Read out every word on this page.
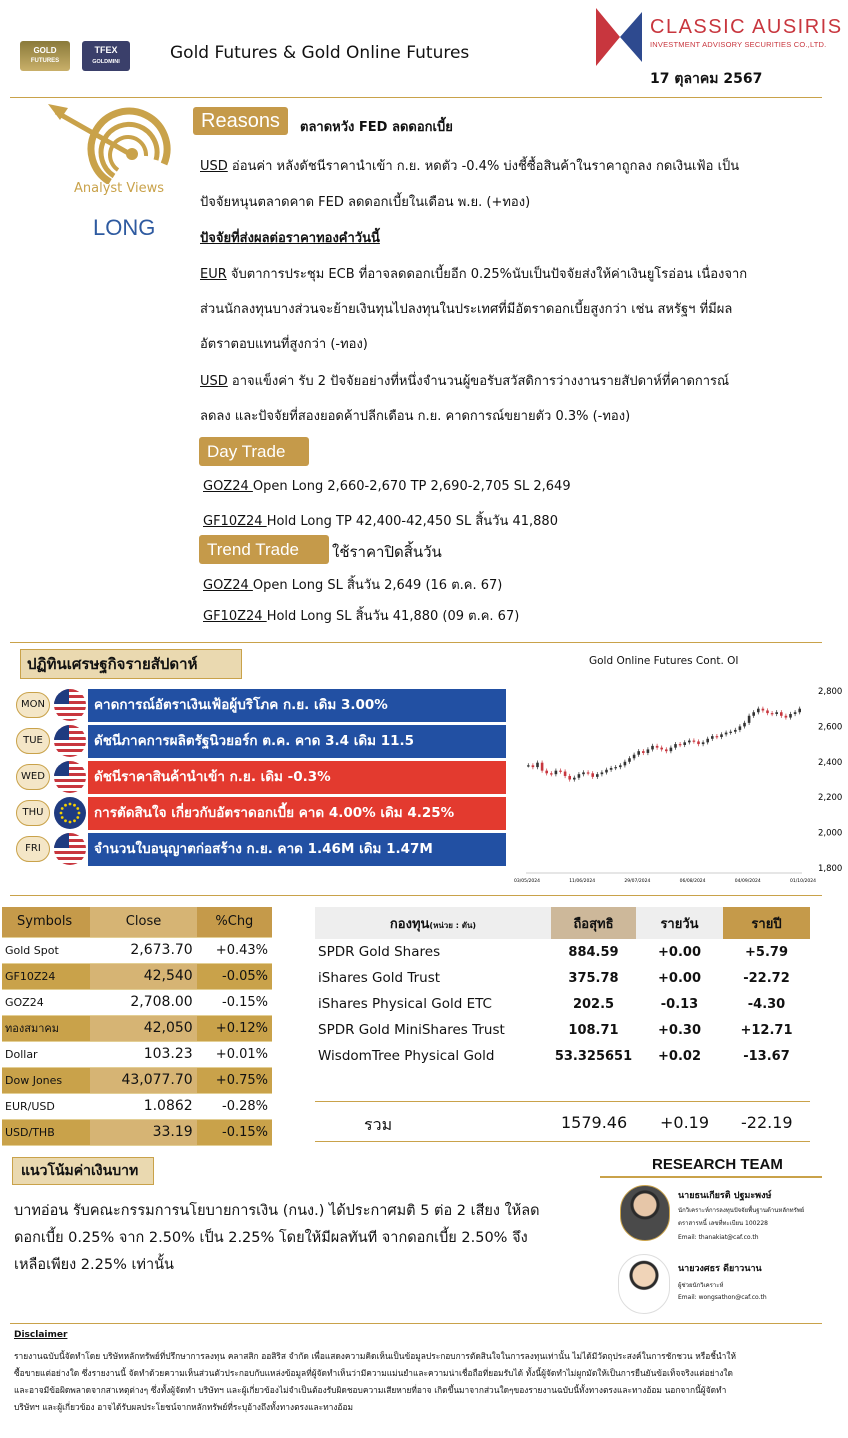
GOLD
FUTURES
TFEX
GOLDMINI	Gold Futures & Gold Online Futures
CLASSIC AUSIRIS
INVESTMENT ADVISORY SECURITIES CO.,LTD.
17 ตุลาคม 2567
Analyst Views
LONG
Reasons	ตลาดหวัง FED ลดดอกเบี้ย
USD อ่อนค่า หลังดัชนีราคานำเข้า ก.ย. หดตัว -0.4% บ่งชี้ซื้อสินค้าในราคาถูกลง กดเงินเฟ้อ เป็น
ปัจจัยหนุนตลาดคาด FED ลดดอกเบี้ยในเดือน พ.ย. (+ทอง)
ปัจจัยที่ส่งผลต่อราคาทองคำวันนี้
EUR จับตาการประชุม ECB ที่อาจลดดอกเบี้ยอีก 0.25%นับเป็นปัจจัยส่งให้ค่าเงินยูโรอ่อน เนื่องจาก
ส่วนนักลงทุนบางส่วนจะย้ายเงินทุนไปลงทุนในประเทศที่มีอัตราดอกเบี้ยสูงกว่า เช่น สหรัฐฯ ที่มีผล
อัตราตอบแทนที่สูงกว่า (-ทอง)
USD อาจแข็งค่า รับ 2 ปัจจัยอย่างที่หนึ่งจำนวนผู้ขอรับสวัสดิการว่างงานรายสัปดาห์ที่คาดการณ์
ลดลง และปัจจัยที่สองยอดค้าปลีกเดือน ก.ย. คาดการณ์ขยายตัว 0.3% (-ทอง)
Day Trade
GOZ24 Open Long 2,660-2,670 TP 2,690-2,705 SL 2,649
GF10Z24 Hold Long TP 42,400-42,450 SL สิ้นวัน 41,880
Trend Trade	ใช้ราคาปิดสิ้นวัน
GOZ24 Open Long SL สิ้นวัน 2,649 (16 ต.ค. 67)
GF10Z24 Hold Long SL สิ้นวัน 41,880 (09 ต.ค. 67)
ปฏิทินเศรษฐกิจรายสัปดาห์
MON	คาดการณ์อัตราเงินเฟ้อผู้บริโภค ก.ย. เดิม 3.00%
TUE	ดัชนีภาคการผลิตรัฐนิวยอร์ก ต.ค. คาด 3.4 เดิม 11.5
WED	ดัชนีราคาสินค้านำเข้า ก.ย. เดิม -0.3%
THU	การตัดสินใจ เกี่ยวกับอัตราดอกเบี้ย คาด 4.00% เดิม 4.25%
FRI	จำนวนใบอนุญาตก่อสร้าง ก.ย. คาด 1.46M เดิม 1.47M
Gold Online Futures Cont. OI
2,800
2,600
2,400
2,200
2,000
1,800
03/05/2024	11/06/2024	29/07/2024	06/08/2024	04/09/2024	01/10/2024
Symbols	Close	%Chg
Gold Spot	2,673.70	+0.43%
GF10Z24	42,540	-0.05%
GOZ24	2,708.00	-0.15%
ทองสมาคม	42,050	+0.12%
Dollar	103.23	+0.01%
Dow Jones	43,077.70	+0.75%
EUR/USD	1.0862	-0.28%
USD/THB	33.19	-0.15%
กองทุน(หน่วย : ตัน)	ถือสุทธิ	รายวัน	รายปี
SPDR Gold Shares	884.59	+0.00	+5.79
iShares Gold Trust	375.78	+0.00	-22.72
iShares Physical Gold ETC	202.5	-0.13	-4.30
SPDR Gold MiniShares Trust	108.71	+0.30	+12.71
WisdomTree Physical Gold	53.325651	+0.02	-13.67
รวม	1579.46 +0.19 -22.19
แนวโน้มค่าเงินบาท
บาทอ่อน รับคณะกรรมการนโยบายการเงิน (กนง.) ได้ประกาศมติ 5 ต่อ 2 เสียง ให้ลด
ดอกเบี้ย 0.25% จาก 2.50% เป็น 2.25% โดยให้มีผลทันที จากดอกเบี้ย 2.50% จึง
เหลือเพียง 2.25% เท่านั้น
RESEARCH TEAM
นายธนเกียรติ ปฐมะพงษ์
นักวิเคราะห์การลงทุนปัจจัยพื้นฐานด้านหลักทรัพย์
ตราสารหนี้ เลขที่ทะเบียน 100228
Email: thanakiat@caf.co.th
นายวงศธร ดียาวนาน
ผู้ช่วยนักวิเคราะห์
Email: wongsathon@caf.co.th
Disclaimer
รายงานฉบับนี้จัดทำโดย บริษัทหลักทรัพย์ที่ปรึกษาการลงทุน คลาสสิก ออสิริส จำกัด เพื่อแสดงความคิดเห็นเป็นข้อมูลประกอบการตัดสินใจในการลงทุนเท่านั้น ไม่ได้มีวัตถุประสงค์ในการชักชวน หรือชี้นำให้
ซื้อขายแต่อย่างใด ซึ่งรายงานนี้ จัดทำด้วยความเห็นส่วนตัวประกอบกับแหล่งข้อมูลที่ผู้จัดทำเห็นว่ามีความแม่นยำและความน่าเชื่อถือที่ยอมรับได้ ทั้งนี้ผู้จัดทำไม่ผูกมัดให้เป็นการยืนยันข้อเท็จจริงแต่อย่างใด
และอาจมีข้อผิดพลาดจากสาเหตุต่างๆ ซึ่งทั้งผู้จัดทำ บริษัทฯ และผู้เกี่ยวข้องไม่จำเป็นต้องรับผิดชอบความเสียหายที่อาจ เกิดขึ้นมาจากส่วนใดๆของรายงานฉบับนี้ทั้งทางตรงและทางอ้อม นอกจากนี้ผู้จัดทำ
บริษัทฯ และผู้เกี่ยวข้อง อาจได้รับผลประโยชน์จากหลักทรัพย์ที่ระบุอ้างถึงทั้งทางตรงและทางอ้อม
